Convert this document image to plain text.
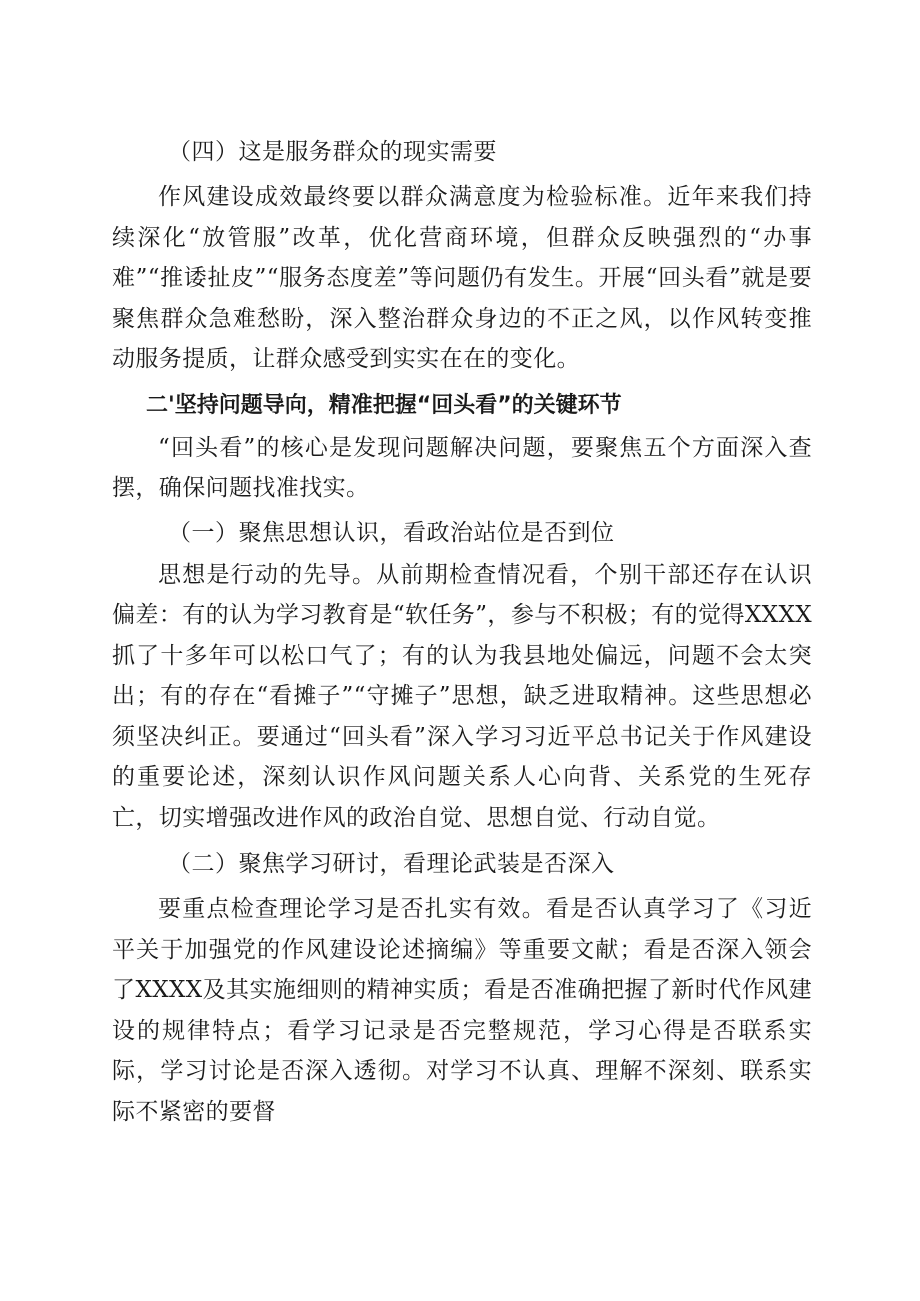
（四）这是服务群众的现实需要

作风建设成效最终要以群众满意度为检验标准。近年来我们持续深化“放管服”改革，优化营商环境，但群众反映强烈的“办事难”“推诿扯皮”“服务态度差”等问题仍有发生。开展“回头看”就是要聚焦群众急难愁盼，深入整治群众身边的不正之风，以作风转变推动服务提质，让群众感受到实实在在的变化。

二'坚持问题导向，精准把握“回头看”的关键环节

“回头看”的核心是发现问题解决问题，要聚焦五个方面深入查摆，确保问题找准找实。

（一）聚焦思想认识，看政治站位是否到位

思想是行动的先导。从前期检查情况看，个别干部还存在认识偏差：有的认为学习教育是“软任务”，参与不积极；有的觉得XXXX抓了十多年可以松口气了；有的认为我县地处偏远，问题不会太突出；有的存在“看摊子”“守摊子”思想，缺乏进取精神。这些思想必须坚决纠正。要通过“回头看”深入学习习近平总书记关于作风建设的重要论述，深刻认识作风问题关系人心向背、关系党的生死存亡，切实增强改进作风的政治自觉、思想自觉、行动自觉。

（二）聚焦学习研讨，看理论武装是否深入

要重点检查理论学习是否扎实有效。看是否认真学习了《习近平关于加强党的作风建设论述摘编》等重要文献；看是否深入领会了XXXX及其实施细则的精神实质；看是否准确把握了新时代作风建设的规律特点；看学习记录是否完整规范，学习心得是否联系实际，学习讨论是否深入透彻。对学习不认真、理解不深刻、联系实际不紧密的要督
